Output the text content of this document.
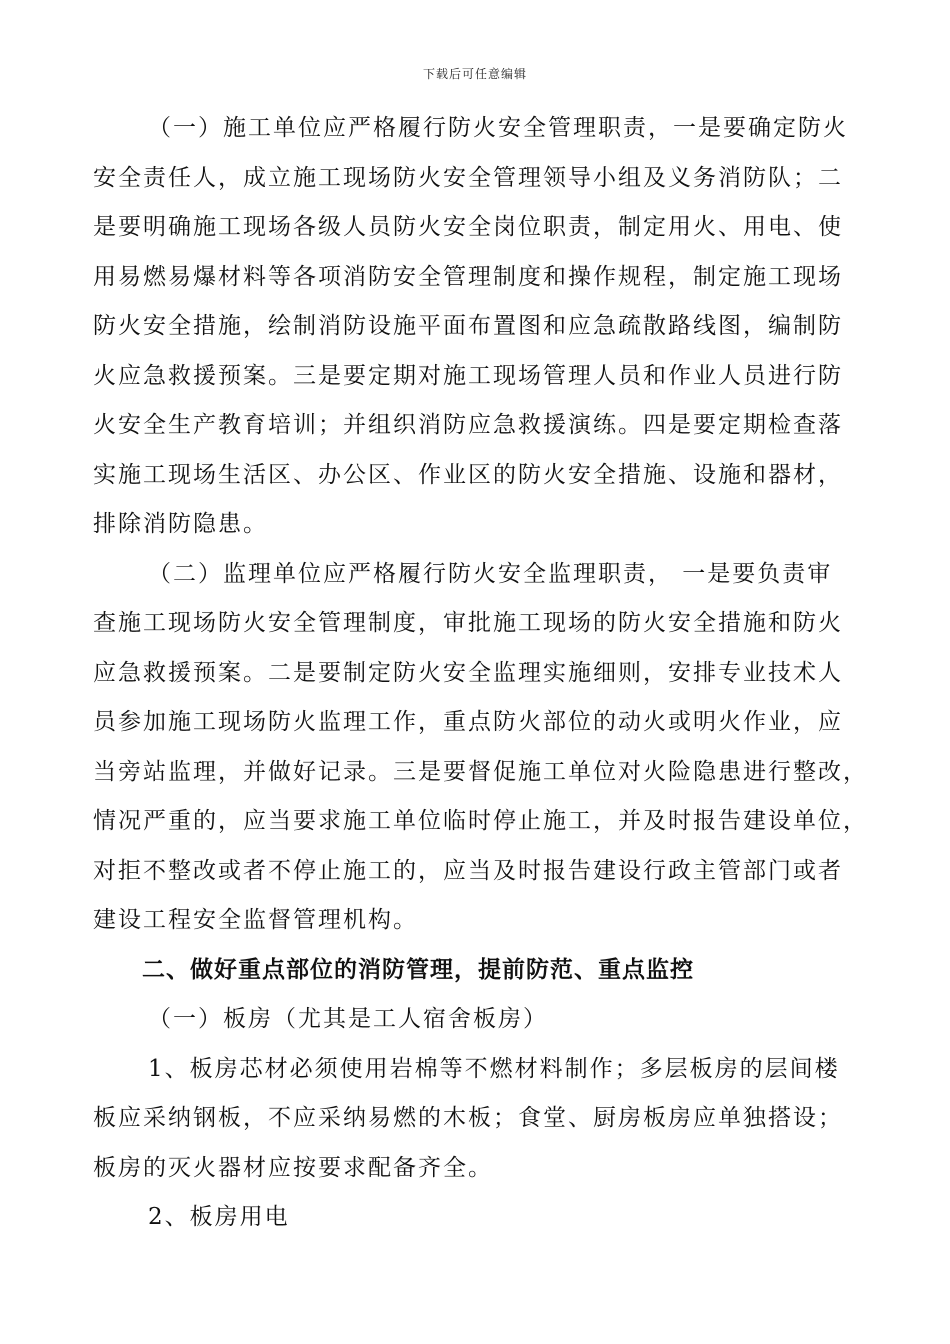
下载后可任意编辑
（一）施工单位应严格履行防火安全管理职责，一是要确定防火
安全责任人，成立施工现场防火安全管理领导小组及义务消防队；二
是要明确施工现场各级人员防火安全岗位职责，制定用火、用电、使
用易燃易爆材料等各项消防安全管理制度和操作规程，制定施工现场
防火安全措施，绘制消防设施平面布置图和应急疏散路线图，编制防
火应急救援预案。三是要定期对施工现场管理人员和作业人员进行防
火安全生产教育培训；并组织消防应急救援演练。四是要定期检查落
实施工现场生活区、办公区、作业区的防火安全措施、设施和器材，
排除消防隐患。
（二）监理单位应严格履行防火安全监理职责， 一是要负责审
查施工现场防火安全管理制度，审批施工现场的防火安全措施和防火
应急救援预案。二是要制定防火安全监理实施细则，安排专业技术人
员参加施工现场防火监理工作，重点防火部位的动火或明火作业，应
当旁站监理，并做好记录。三是要督促施工单位对火险隐患进行整改，
情况严重的，应当要求施工单位临时停止施工，并及时报告建设单位，
对拒不整改或者不停止施工的，应当及时报告建设行政主管部门或者
建设工程安全监督管理机构。
二、做好重点部位的消防管理，提前防范、重点监控
（一）板房（尤其是工人宿舍板房）
1、板房芯材必须使用岩棉等不燃材料制作；多层板房的层间楼
板应采纳钢板，不应采纳易燃的木板；食堂、厨房板房应单独搭设；
板房的灭火器材应按要求配备齐全。
2、板房用电
